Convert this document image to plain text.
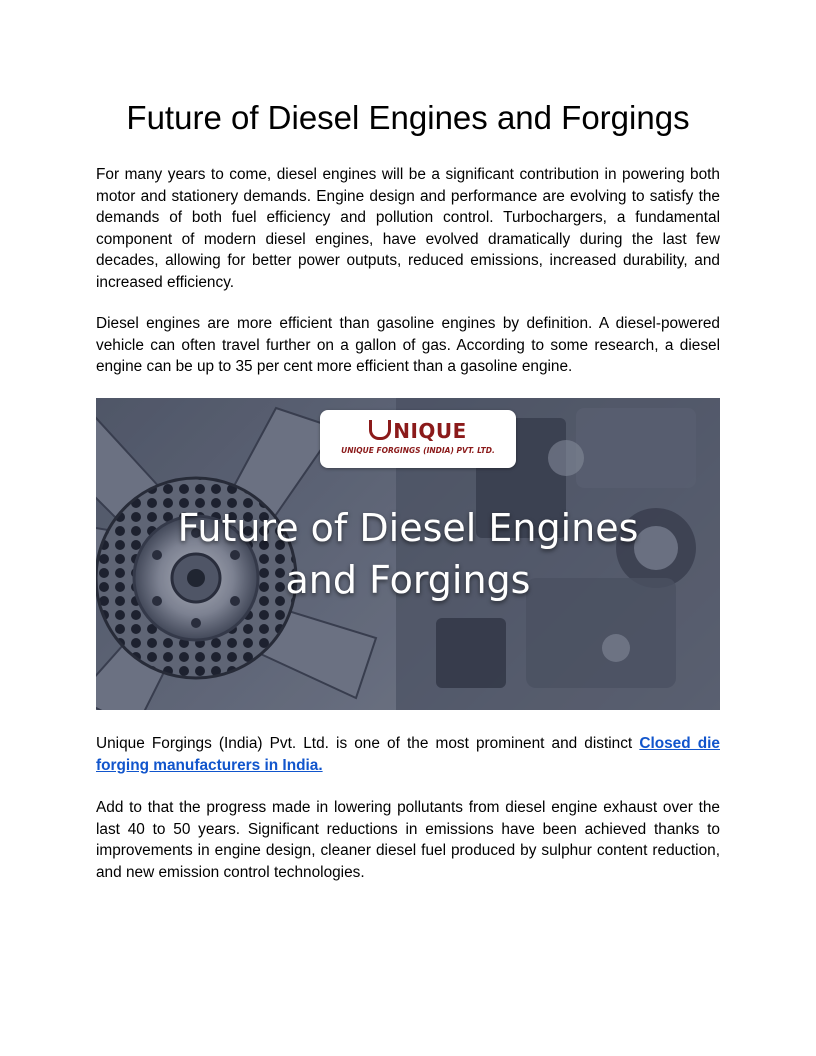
Future of Diesel Engines and Forgings

For many years to come, diesel engines will be a significant contribution in powering both motor and stationery demands. Engine design and performance are evolving to satisfy the demands of both fuel efficiency and pollution control. Turbochargers, a fundamental component of modern diesel engines, have evolved dramatically during the last few decades, allowing for better power outputs, reduced emissions, increased durability, and increased efficiency.

Diesel engines are more efficient than gasoline engines by definition. A diesel-powered vehicle can often travel further on a gallon of gas. According to some research, a diesel engine can be up to 35 per cent more efficient than a gasoline engine.

NIQUE
UNIQUE FORGINGS (INDIA) PVT. LTD.
Future of Diesel Engines
and Forgings

Unique Forgings (India) Pvt. Ltd. is one of the most prominent and distinct Closed die forging manufacturers in India.

Add to that the progress made in lowering pollutants from diesel engine exhaust over the last 40 to 50 years. Significant reductions in emissions have been achieved thanks to improvements in engine design, cleaner diesel fuel produced by sulphur content reduction, and new emission control technologies.
